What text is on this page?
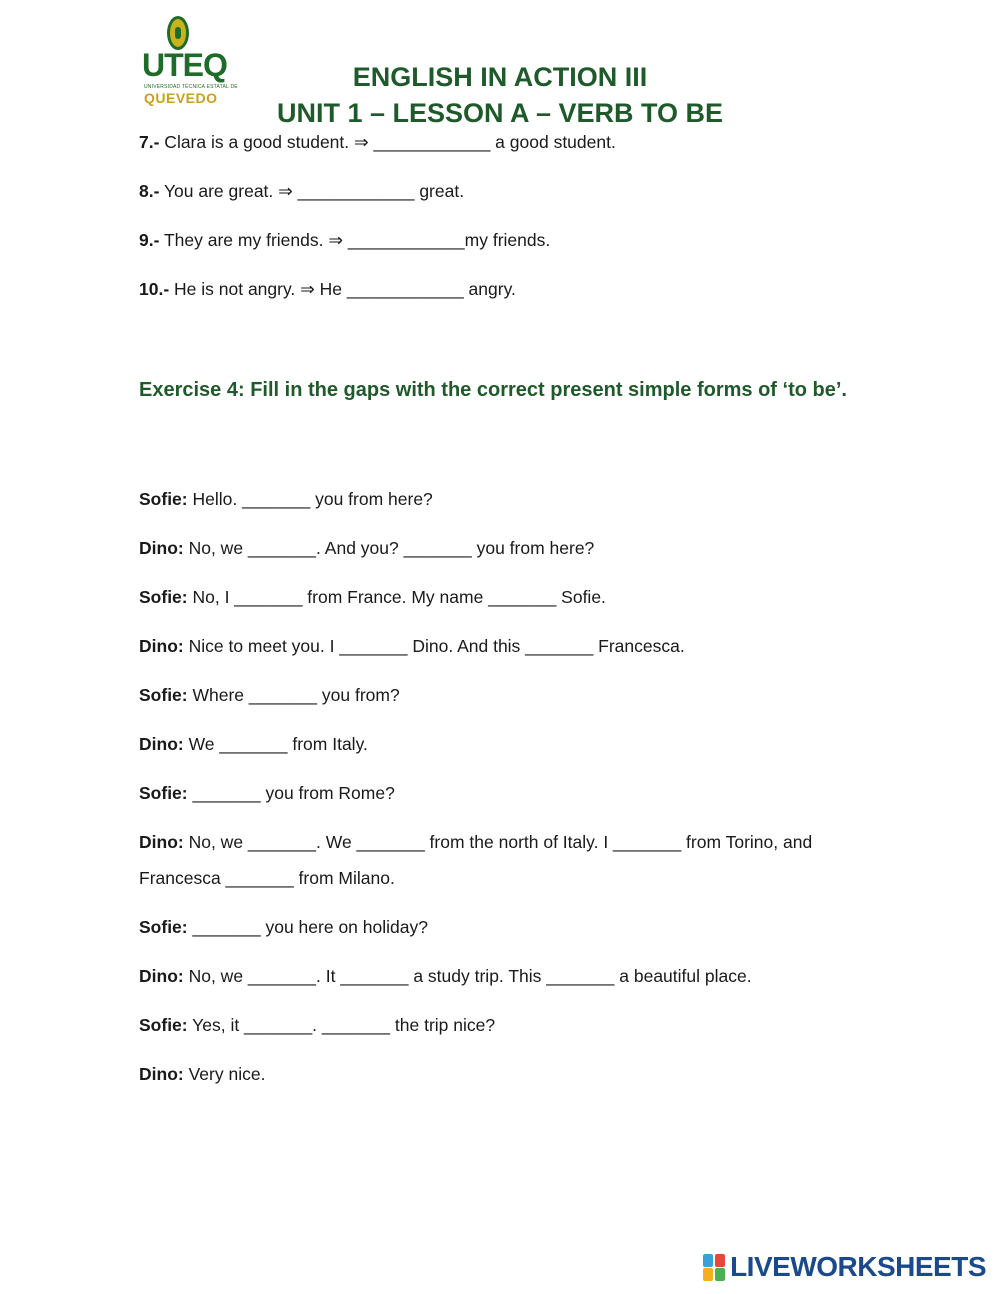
UTEQ
UNIVERSIDAD TÉCNICA ESTATAL DE
QUEVEDO
ENGLISH IN ACTION III
UNIT 1 – LESSON A – VERB TO BE
7.- Clara is a good student. ⇒ ____________ a good student.
8.- You are great. ⇒ ____________ great.
9.- They are my friends. ⇒ ____________my friends.
10.- He is not angry. ⇒ He ____________ angry.
Exercise 4: Fill in the gaps with the correct present simple forms of ‘to be’.
Sofie: Hello. _______ you from here?
Dino: No, we _______. And you? _______ you from here?
Sofie: No, I _______ from France. My name _______ Sofie.
Dino: Nice to meet you. I _______ Dino. And this _______ Francesca.
Sofie: Where _______ you from?
Dino: We _______ from Italy.
Sofie: _______ you from Rome?
Dino: No, we _______. We _______ from the north of Italy. I _______ from Torino, and
Francesca _______ from Milano.
Sofie: _______ you here on holiday?
Dino: No, we _______. It _______ a study trip. This _______ a beautiful place.
Sofie: Yes, it _______. _______ the trip nice?
Dino: Very nice.
LIVEWORKSHEETS
